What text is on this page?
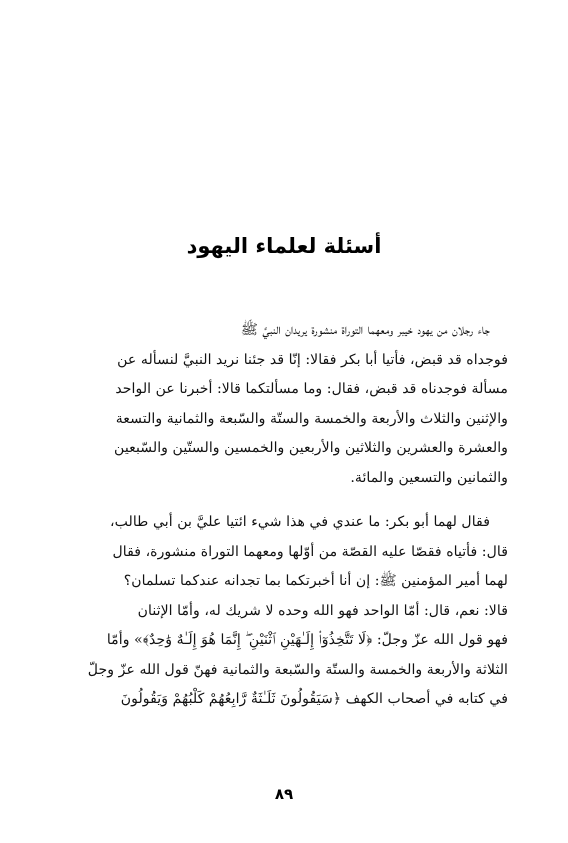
أسئلة لعلماء اليهود
جاء رجلان من يهود خيبر ومعهما التوراة منشورة يريدان النبيَّ ﷺ
فوجداه قد قبض، فأتيا أبا بكر فقالا: إنّا قد جئنا نريد النبيَّ لنسأله عن
مسألة فوجدناه قد قبض، فقال: وما مسألتكما قالا: أخبرنا عن الواحد
والإثنين والثلاث والأربعة والخمسة والستّة والسّبعة والثمانية والتسعة
والعشرة والعشرين والثلاثين والأربعين والخمسين والستّين والسّبعين
والثمانين والتسعين والمائة.
فقال لهما أبو بكر: ما عندي في هذا شيء ائتيا عليَّ بن أبي طالب،
قال: فأتياه فقصّا عليه القصّة من أوّلها ومعهما التوراة منشورة، فقال
لهما أمير المؤمنين ﷺ: إن أنا أخبرتكما بما تجدانه عندكما تسلمان؟
قالا: نعم، قال: أمّا الواحد فهو الله وحده لا شريك له، وأمّا الإثنان
فهو قول الله عزّ وجلّ: ﴿لَا تَتَّخِذُوٓا۟ إِلَـٰهَيْنِ ٱثْنَيْنِ ۖ إِنَّمَا هُوَ إِلَـٰهٌ وَٰحِدٌ﴾» وأمّا
الثلاثة والأربعة والخمسة والستّة والسّبعة والثمانية فهنّ قول الله عزّ وجلّ
في كتابه في أصحاب الكهف ﴿سَيَقُولُونَ ثَلَـٰثَةٌ رَّابِعُهُمْ كَلْبُهُمْ وَيَقُولُونَ
٨٩
